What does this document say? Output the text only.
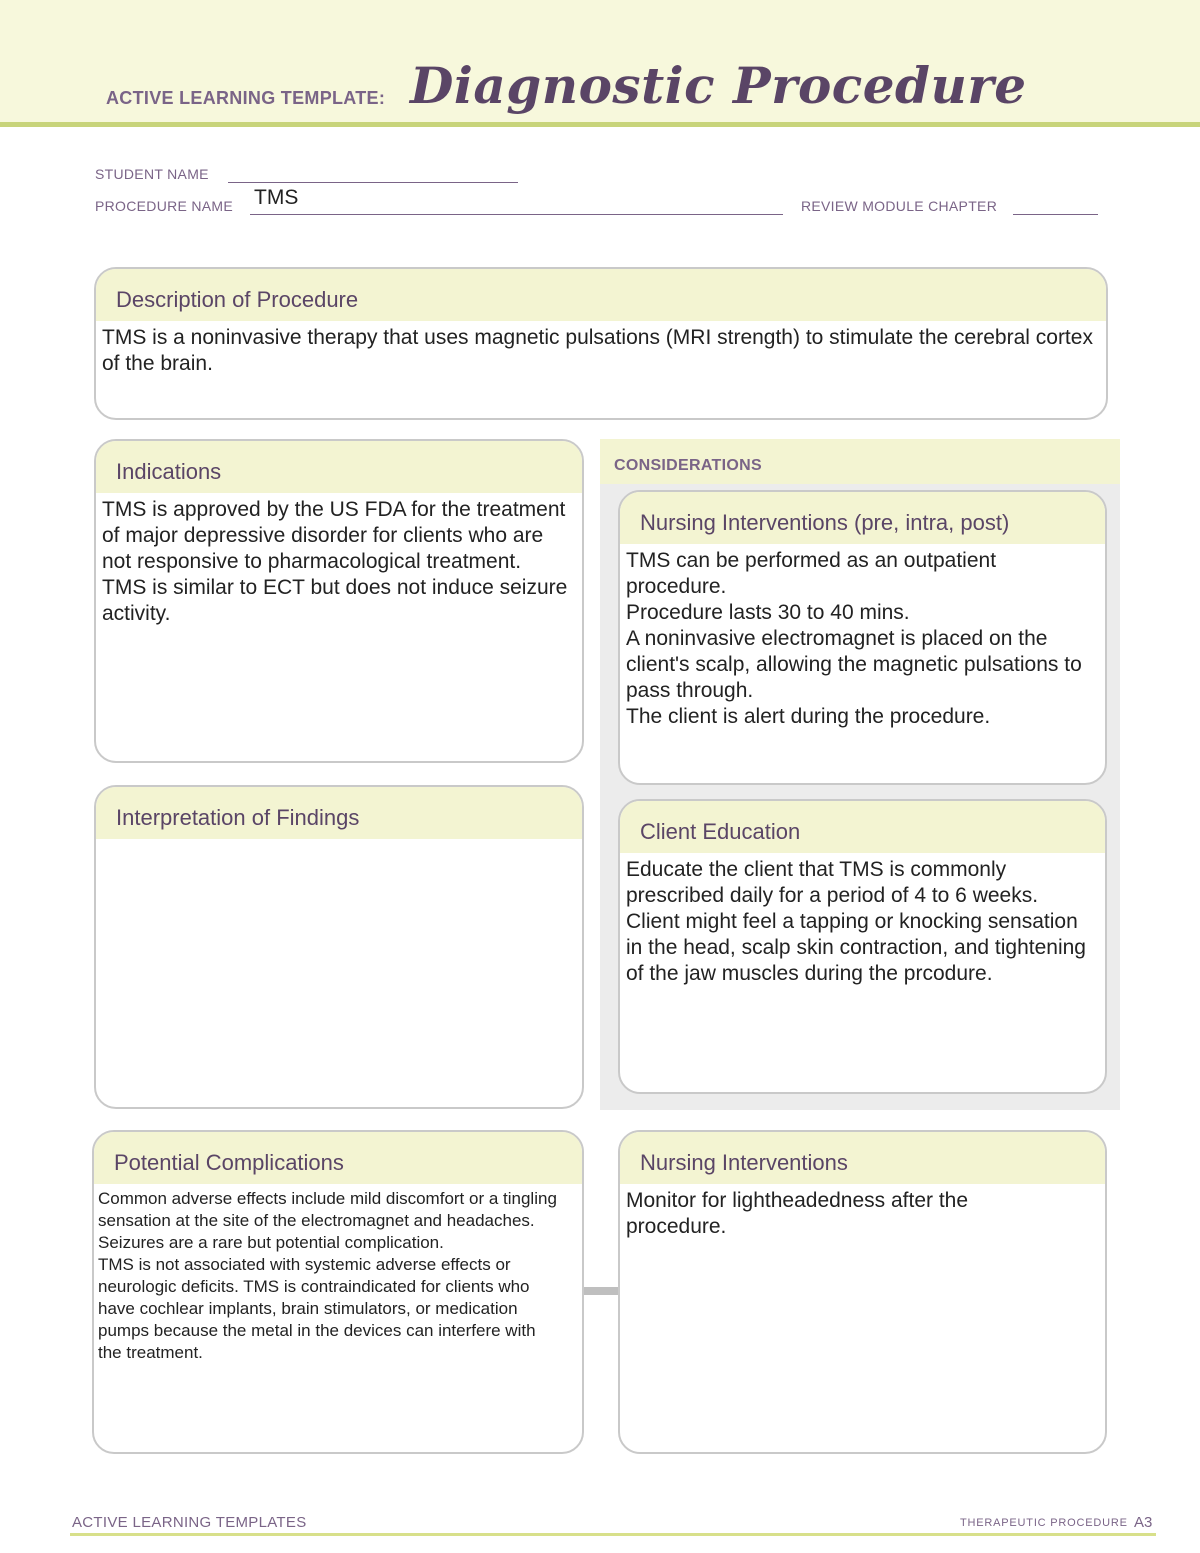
ACTIVE LEARNING TEMPLATE: Diagnostic Procedure
STUDENT NAME
PROCEDURE NAME TMS	REVIEW MODULE CHAPTER
Description of Procedure

TMS is a noninvasive therapy that uses magnetic pulsations (MRI strength) to stimulate the cerebral cortex of the brain.

Indications

TMS is approved by the US FDA for the treatment of major depressive disorder for clients who are not responsive to pharmacological treatment. TMS is similar to ECT but does not induce seizure activity.

Interpretation of Findings
CONSIDERATIONS
Nursing Interventions (pre, intra, post)

TMS can be performed as an outpatient procedure.

Procedure lasts 30 to 40 mins.

A noninvasive electromagnet is placed on the client's scalp, allowing the magnetic pulsations to pass through.

The client is alert during the procedure.

Client Education

Educate the client that TMS is commonly prescribed daily for a period of 4 to 6 weeks.

Client might feel a tapping or knocking sensation in the head, scalp skin contraction, and tightening of the jaw muscles during the prcodure.

Potential Complications

Common adverse effects include mild discomfort or a tingling sensation at the site of the electromagnet and headaches.

Seizures are a rare but potential complication.

TMS is not associated with systemic adverse effects or neurologic deficits. TMS is contraindicated for clients who have cochlear implants, brain stimulators, or medication pumps because the metal in the devices can interfere with the treatment.

Nursing Interventions

Monitor for lightheadedness after the procedure.

ACTIVE LEARNING TEMPLATES	THERAPEUTIC PROCEDURE A3
